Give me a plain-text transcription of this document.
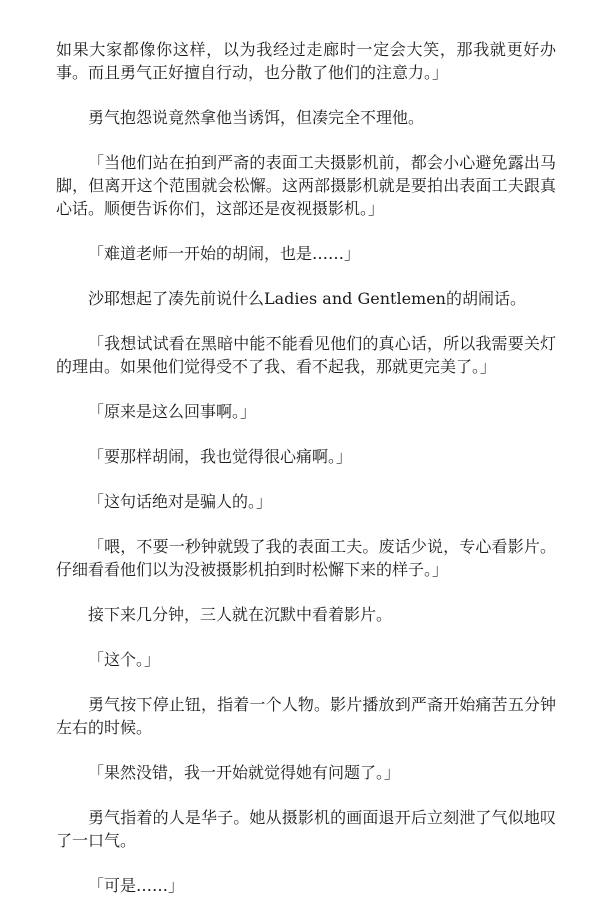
如果大家都像你这样，以为我经过走廊时一定会大笑，那我就更好办事。而且勇气正好擅自行动，也分散了他们的注意力。」

勇气抱怨说竟然拿他当诱饵，但凑完全不理他。

「当他们站在拍到严斋的表面工夫摄影机前，都会小心避免露出马脚，但离开这个范围就会松懈。这两部摄影机就是要拍出表面工夫跟真心话。顺便告诉你们，这部还是夜视摄影机。」

「难道老师一开始的胡闹，也是……」

沙耶想起了凑先前说什么Ladies and Gentlemen的胡闹话。

「我想试试看在黑暗中能不能看见他们的真心话，所以我需要关灯的理由。如果他们觉得受不了我、看不起我，那就更完美了。」

「原来是这么回事啊。」

「要那样胡闹，我也觉得很心痛啊。」

「这句话绝对是骗人的。」

「喂，不要一秒钟就毁了我的表面工夫。废话少说，专心看影片。仔细看看他们以为没被摄影机拍到时松懈下来的样子。」

接下来几分钟，三人就在沉默中看着影片。

「这个。」

勇气按下停止钮，指着一个人物。影片播放到严斋开始痛苦五分钟左右的时候。

「果然没错，我一开始就觉得她有问题了。」

勇气指着的人是华子。她从摄影机的画面退开后立刻泄了气似地叹了一口气。

「可是……」
